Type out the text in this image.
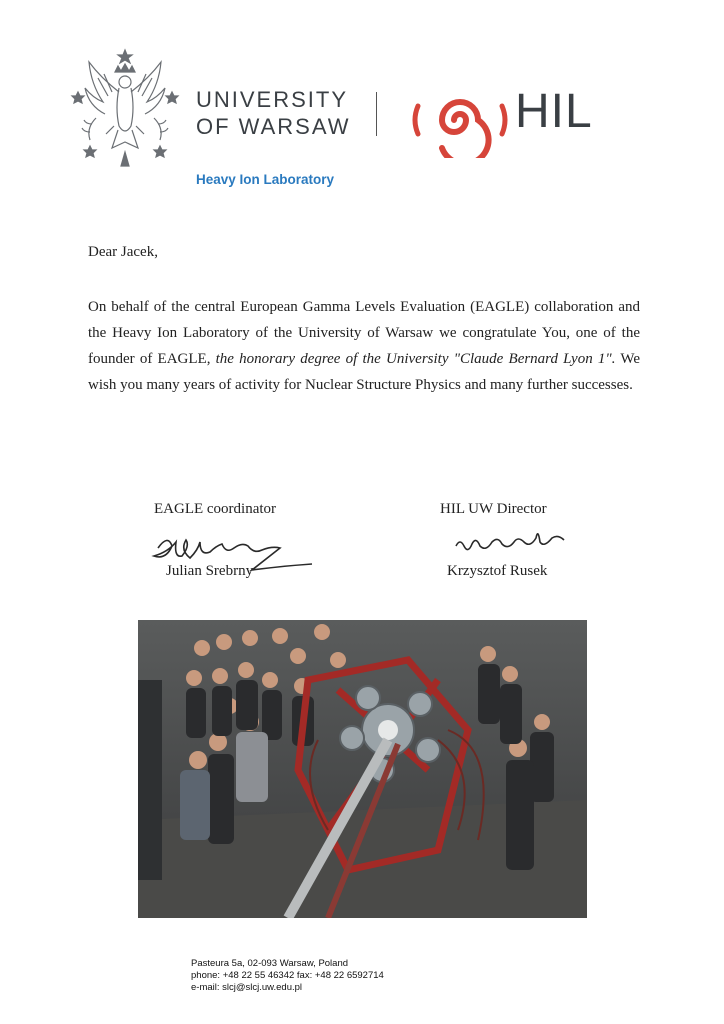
UNIVERSITY
OF WARSAW	HIL
Heavy Ion Laboratory
Dear Jacek,
On behalf of the central European Gamma Levels Evaluation (EAGLE) collaboration and the Heavy Ion Laboratory of the University of Warsaw we congratulate You, one of the founder of EAGLE, the honorary degree of the University "Claude Bernard Lyon 1". We wish you many years of activity for Nuclear Structure Physics and many further successes.
EAGLE coordinator
Julian Srebrny
HIL UW Director
Krzysztof Rusek
Pasteura 5a, 02-093 Warsaw, Poland
phone: +48 22 55 46342 fax: +48 22 6592714
e-mail: slcj@slcj.uw.edu.pl
